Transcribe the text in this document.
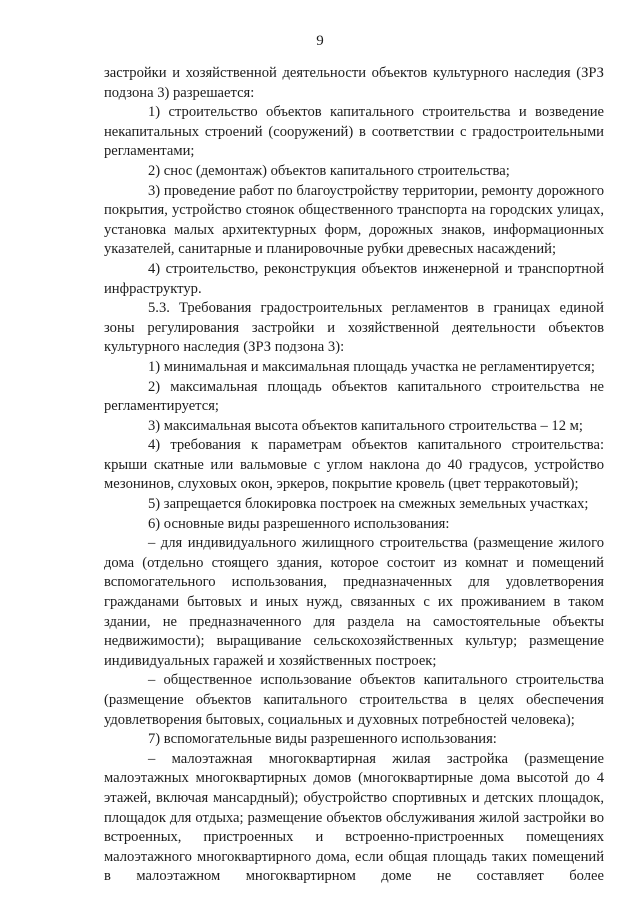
9

застройки и хозяйственной деятельности объектов культурного наследия (ЗРЗ подзона 3) разрешается:

1) строительство объектов капитального строительства и возведение некапитальных строений (сооружений) в соответствии с градостроительными регламентами;

2) снос (демонтаж) объектов капитального строительства;

3) проведение работ по благоустройству территории, ремонту дорожного покрытия, устройство стоянок общественного транспорта на городских улицах, установка малых архитектурных форм, дорожных знаков, информационных указателей, санитарные и планировочные рубки древесных насаждений;

4) строительство, реконструкция объектов инженерной и транспортной инфраструктур.

5.3. Требования градостроительных регламентов в границах единой зоны регулирования застройки и хозяйственной деятельности объектов культурного наследия (ЗРЗ подзона 3):

1) минимальная и максимальная площадь участка не регламентируется;

2) максимальная площадь объектов капитального строительства не регламентируется;

3) максимальная высота объектов капитального строительства – 12 м;

4) требования к параметрам объектов капитального строительства: крыши скатные или вальмовые с углом наклона до 40 градусов, устройство мезонинов, слуховых окон, эркеров, покрытие кровель (цвет терракотовый);

5) запрещается блокировка построек на смежных земельных участках;

6) основные виды разрешенного использования:

– для индивидуального жилищного строительства (размещение жилого дома (отдельно стоящего здания, которое состоит из комнат и помещений вспомогательного использования, предназначенных для удовлетворения гражданами бытовых и иных нужд, связанных с их проживанием в таком здании, не предназначенного для раздела на самостоятельные объекты недвижимости); выращивание сельскохозяйственных культур; размещение индивидуальных гаражей и хозяйственных построек;

– общественное использование объектов капитального строительства (размещение объектов капитального строительства в целях обеспечения удовлетворения бытовых, социальных и духовных потребностей человека);

7) вспомогательные виды разрешенного использования:

– малоэтажная многоквартирная жилая застройка (размещение малоэтажных многоквартирных домов (многоквартирные дома высотой до 4 этажей, включая мансардный); обустройство спортивных и детских площадок, площадок для отдыха; размещение объектов обслуживания жилой застройки во встроенных, пристроенных и встроенно-пристроенных помещениях малоэтажного многоквартирного дома, если общая площадь таких помещений в малоэтажном многоквартирном доме не составляет более
